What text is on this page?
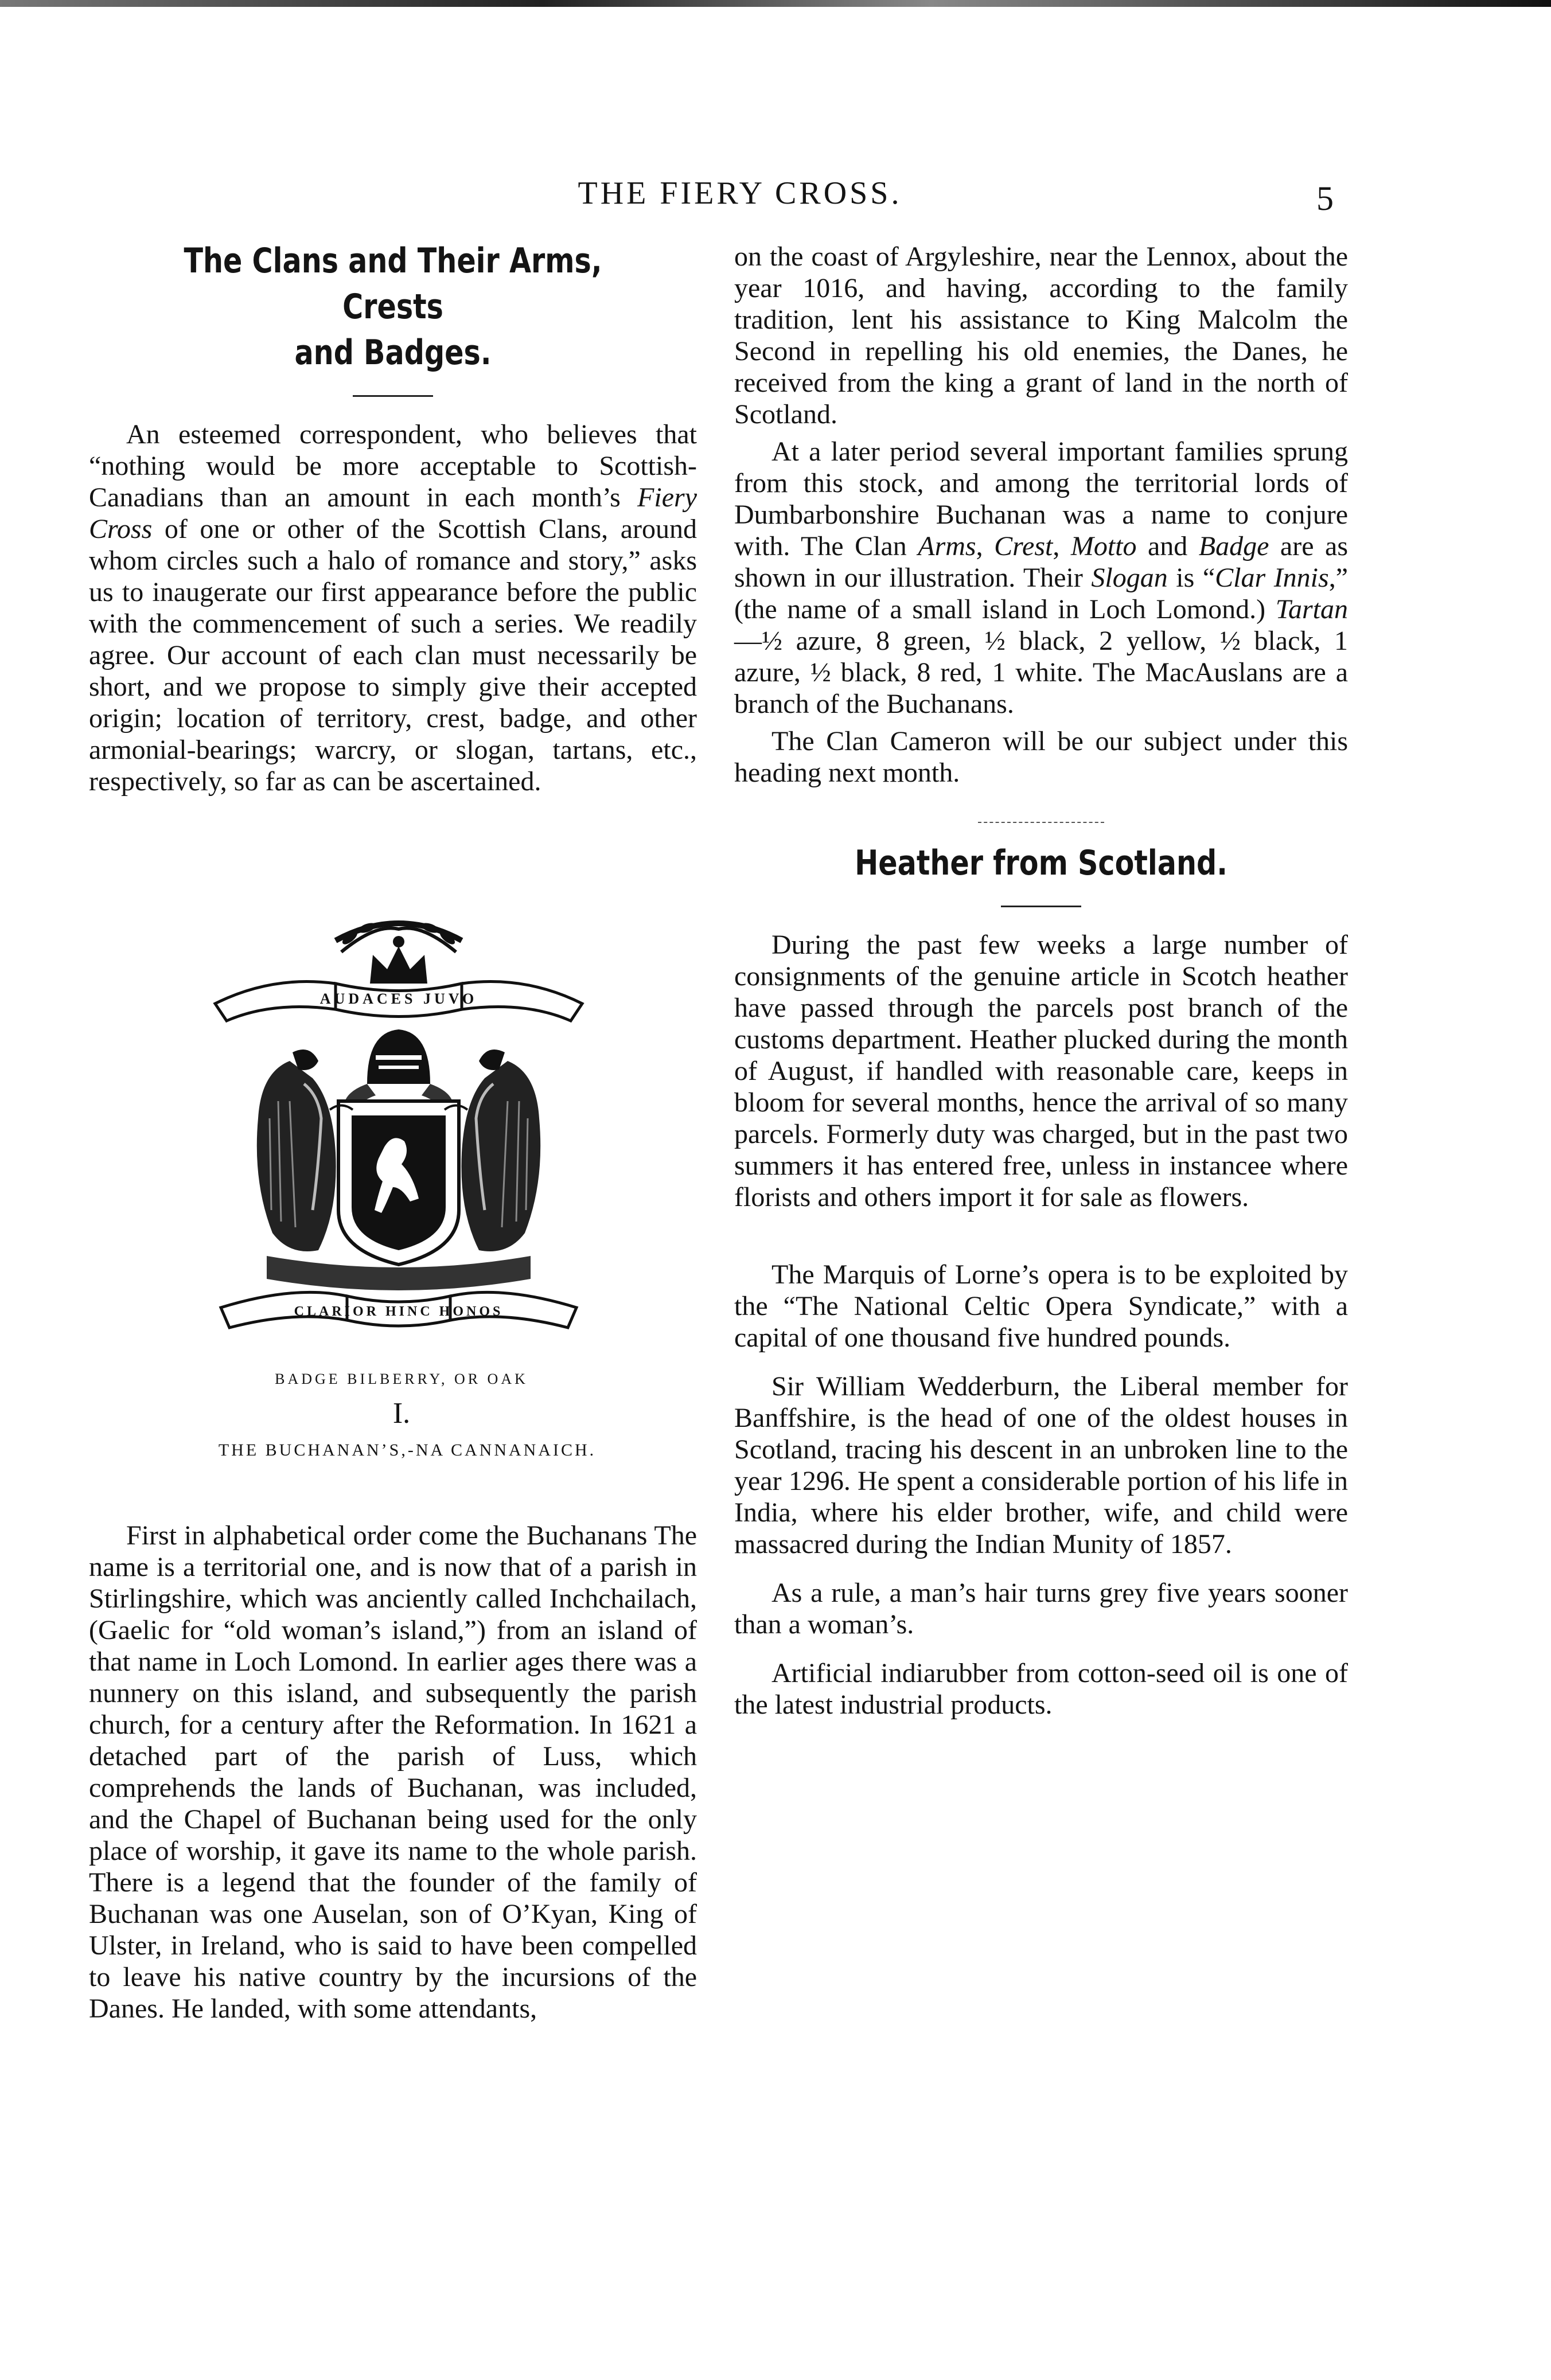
THE FIERY CROSS.	5
The Clans and Their Arms, Crests
and Badges.

An esteemed correspondent, who believes that “nothing would be more acceptable to Scottish-Canadians than an amount in each month’s Fiery Cross of one or other of the Scottish Clans, around whom circles such a halo of romance and story,” asks us to inaugerate our first appearance before the public with the commencement of such a series. We readily agree. Our account of each clan must necessarily be short, and we propose to simply give their accepted origin; location of territory, crest, badge, and other armonial-bearings; warcry, or slogan, tartans, etc., respectively, so far as can be ascertained.

AUDACES JUVO
CLARIOR HINC HONOS
BADGE BILBERRY, OR OAK
I.
THE BUCHANAN’S,-NA CANNANAICH.

First in alphabetical order come the Buchanans The name is a territorial one, and is now that of a parish in Stirlingshire, which was anciently called Inchchailach, (Gaelic for “old woman’s island,”) from an island of that name in Loch Lomond. In earlier ages there was a nunnery on this island, and subsequently the parish church, for a century after the Reformation. In 1621 a detached part of the parish of Luss, which comprehends the lands of Buchanan, was included, and the Chapel of Buchanan being used for the only place of worship, it gave its name to the whole parish. There is a legend that the founder of the family of Buchanan was one Auselan, son of O’Kyan, King of Ulster, in Ireland, who is said to have been compelled to leave his native country by the incursions of the Danes. He landed, with some attendants,

on the coast of Argyleshire, near the Lennox, about the year 1016, and having, according to the family tradition, lent his assistance to King Malcolm the Second in repelling his old enemies, the Danes, he received from the king a grant of land in the north of Scotland.

At a later period several important families sprung from this stock, and among the territorial lords of Dumbarbonshire Buchanan was a name to conjure with. The Clan Arms, Crest, Motto and Badge are as shown in our illustration. Their Slogan is “Clar Innis,” (the name of a small island in Loch Lomond.) Tartan —½ azure, 8 green, ½ black, 2 yellow, ½ black, 1 azure, ½ black, 8 red, 1 white. The MacAuslans are a branch of the Buchanans.

The Clan Cameron will be our subject under this heading next month.

Heather from Scotland.

During the past few weeks a large number of consignments of the genuine article in Scotch heather have passed through the parcels post branch of the customs department. Heather plucked during the month of August, if handled with reasonable care, keeps in bloom for several months, hence the arrival of so many parcels. Formerly duty was charged, but in the past two summers it has entered free, unless in instancee where florists and others import it for sale as flowers.

The Marquis of Lorne’s opera is to be exploited by the “The National Celtic Opera Syndicate,” with a capital of one thousand five hundred pounds.

Sir William Wedderburn, the Liberal member for Banffshire, is the head of one of the oldest houses in Scotland, tracing his descent in an unbroken line to the year 1296. He spent a considerable portion of his life in India, where his elder brother, wife, and child were massacred during the Indian Munity of 1857.

As a rule, a man’s hair turns grey five years sooner than a woman’s.

Artificial indiarubber from cotton-seed oil is one of the latest industrial products.
